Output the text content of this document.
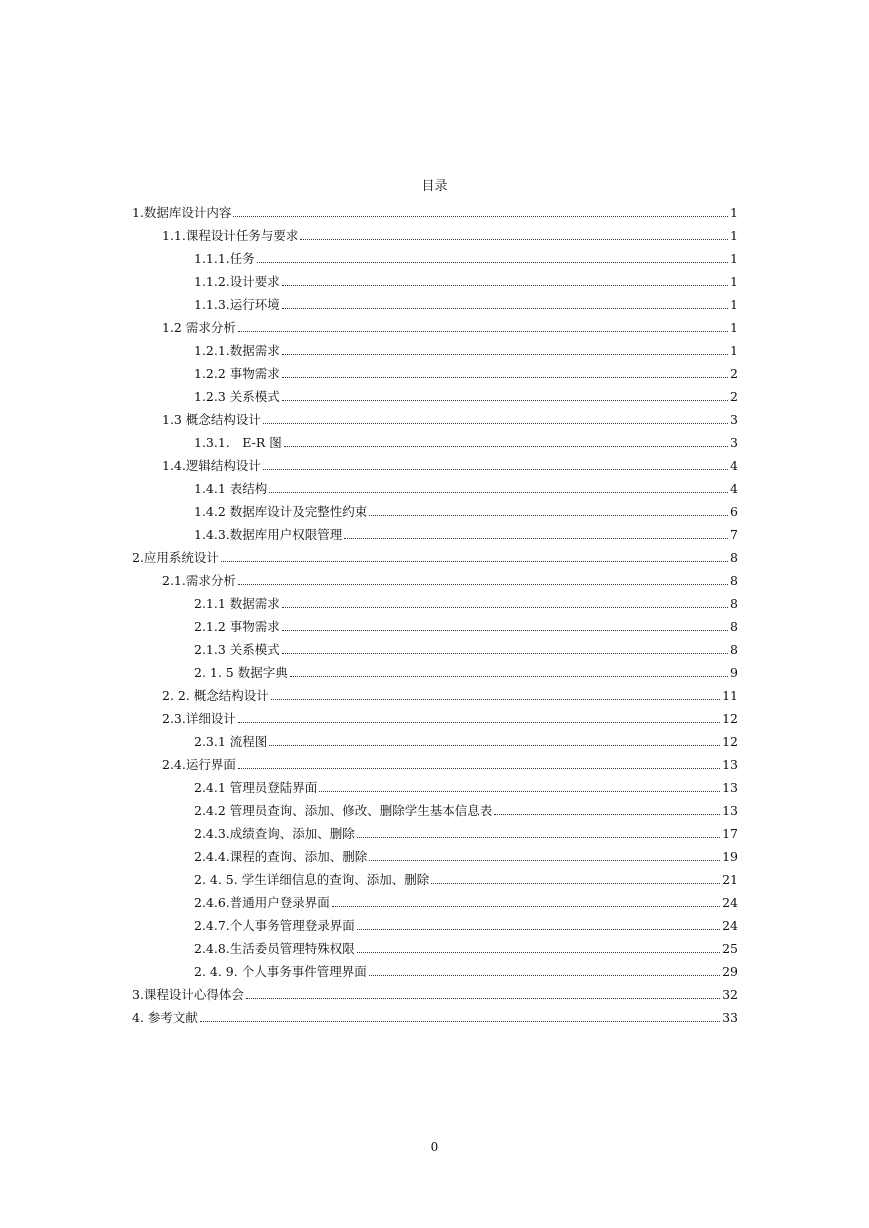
目录
1.数据库设计内容	1
1.1.课程设计任务与要求	1
1.1.1.任务	1
1.1.2.设计要求	1
1.1.3.运行环境	1
1.2 需求分析	1
1.2.1.数据需求	1
1.2.2 事物需求	2
1.2.3 关系模式	2
1.3 概念结构设计	3
1.3.1.　E-R 图	3
1.4.逻辑结构设计	4
1.4.1 表结构	4
1.4.2 数据库设计及完整性约束	6
1.4.3.数据库用户权限管理	7
2.应用系统设计	8
2.1.需求分析	8
2.1.1 数据需求	8
2.1.2 事物需求	8
2.1.3 关系模式	8
2. 1. 5 数据字典	9
2. 2. 概念结构设计	11
2.3.详细设计	12
2.3.1 流程图	12
2.4.运行界面	13
2.4.1 管理员登陆界面	13
2.4.2 管理员查询、添加、修改、删除学生基本信息表	13
2.4.3.成绩查询、添加、删除	17
2.4.4.课程的查询、添加、删除	19
2. 4. 5. 学生详细信息的查询、添加、删除	21
2.4.6.普通用户登录界面	24
2.4.7.个人事务管理登录界面	24
2.4.8.生活委员管理特殊权限	25
2. 4. 9. 个人事务事件管理界面	29
3.课程设计心得体会	32
4. 参考文献	33
0
